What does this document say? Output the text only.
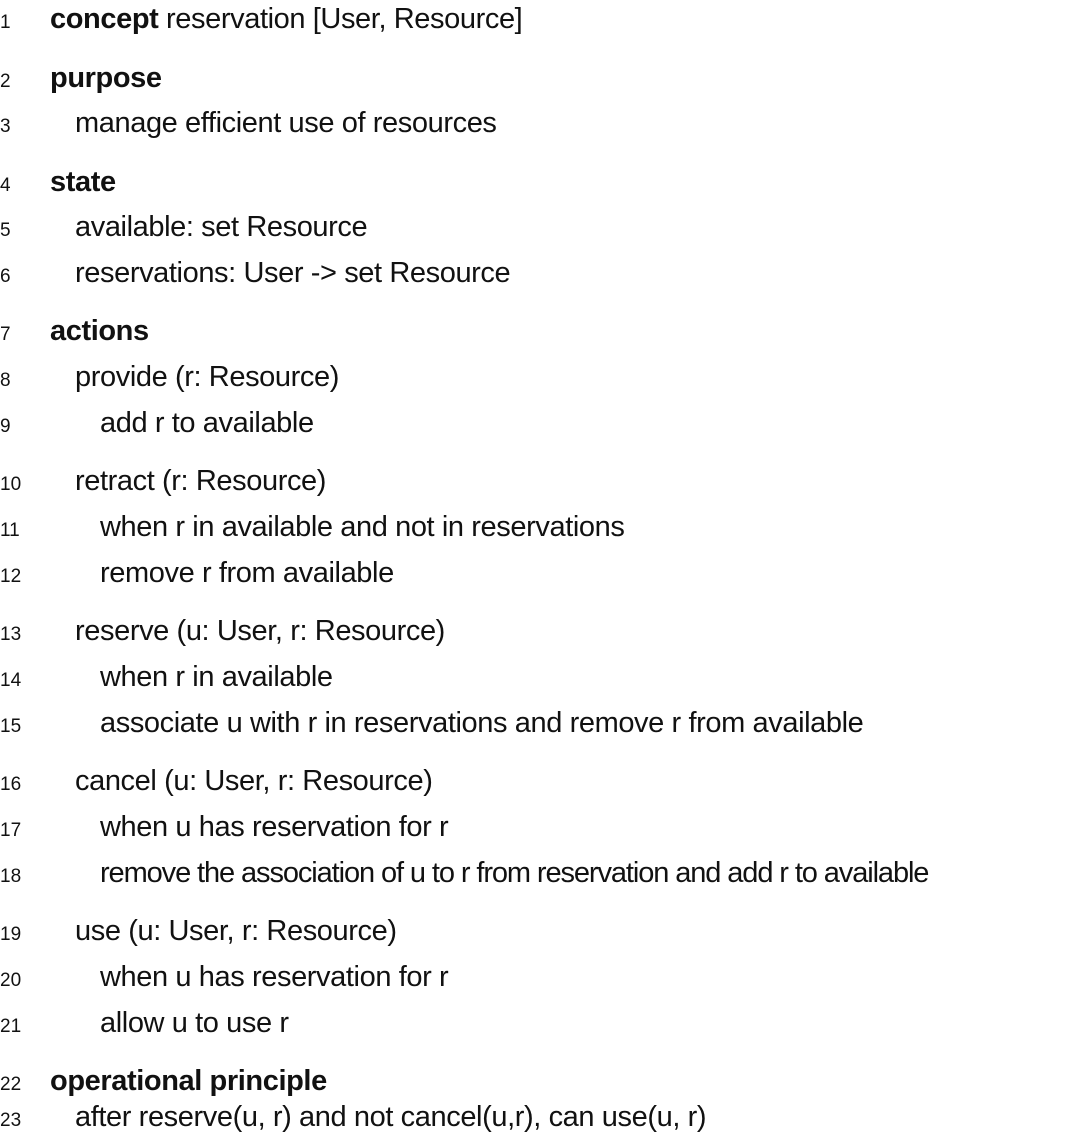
1 concept reservation [User, Resource]
2 purpose
3 manage efficient use of resources
4 state
5 available: set Resource
6 reservations: User -> set Resource
7 actions
8 provide (r: Resource)
9	add r to available
10 retract (r: Resource)
11	when r in available and not in reservations
12	remove r from available
13 reserve (u: User, r: Resource)
14	when r in available
15	associate u with r in reservations and remove r from available
16 cancel (u: User, r: Resource)
17	when u has reservation for r
18	remove the association of u to r from reservation and add r to available
19 use (u: User, r: Resource)
20	when u has reservation for r
21	allow u to use r
22 operational principle
23 after reserve(u, r) and not cancel(u,r), can use(u, r)
